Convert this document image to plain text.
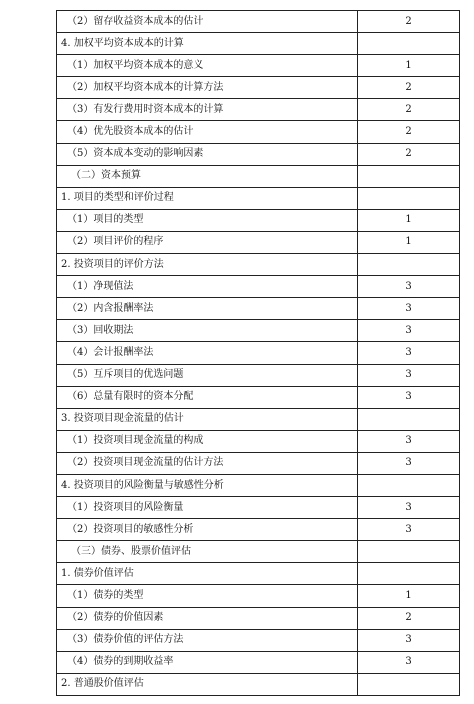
（2）留存收益资本成本的估计	2
4. 加权平均资本成本的计算	
（1）加权平均资本成本的意义	1
（2）加权平均资本成本的计算方法	2
（3）有发行费用时资本成本的计算	2
（4）优先股资本成本的估计	2
（5）资本成本变动的影响因素	2
（二）资本预算	
1. 项目的类型和评价过程	
（1）项目的类型	1
（2）项目评价的程序	1
2. 投资项目的评价方法	
（1）净现值法	3
（2）内含报酬率法	3
（3）回收期法	3
（4）会计报酬率法	3
（5）互斥项目的优选问题	3
（6）总量有限时的资本分配	3
3. 投资项目现金流量的估计	
（1）投资项目现金流量的构成	3
（2）投资项目现金流量的估计方法	3
4. 投资项目的风险衡量与敏感性分析	
（1）投资项目的风险衡量	3
（2）投资项目的敏感性分析	3
（三）债券、股票价值评估	
1. 债券价值评估	
（1）债券的类型	1
（2）债券的价值因素	2
（3）债券价值的评估方法	3
（4）债券的到期收益率	3
2. 普通股价值评估	
